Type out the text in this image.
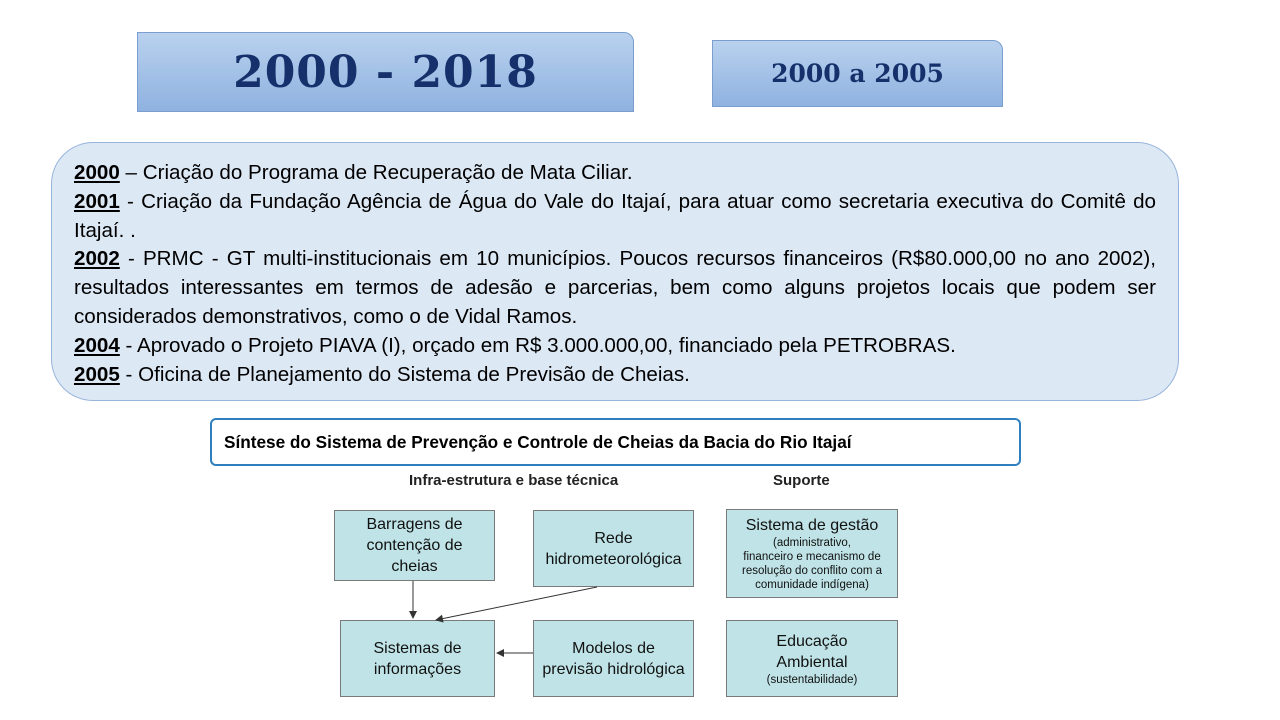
2000 - 2018	2000 a 2005

2000 – Criação do Programa de Recuperação de Mata Ciliar.

2001 - Criação da Fundação Agência de Água do Vale do Itajaí, para atuar como secretaria executiva do Comitê do Itajaí. .

2002 - PRMC - GT multi-institucionais em 10 municípios. Poucos recursos financeiros (R$80.000,00 no ano 2002), resultados interessantes em termos de adesão e parcerias, bem como alguns projetos locais que podem ser considerados demonstrativos, como o de Vidal Ramos.

2004 - Aprovado o Projeto PIAVA (I), orçado em R$ 3.000.000,00, financiado pela PETROBRAS.

2005 - Oficina de Planejamento do Sistema de Previsão de Cheias.

Síntese do Sistema de Prevenção e Controle de Cheias da Bacia do Rio Itajaí
Infra-estrutura e base técnica	Suporte
Barragens de
contenção de
cheias
Rede
hidrometeorológica
Sistemas de
informações
Modelos de
previsão hidrológica
Sistema de gestão
(administrativo,
financeiro e mecanismo de
resolução do conflito com a
comunidade indígena)
Educação
Ambiental
(sustentabilidade)
